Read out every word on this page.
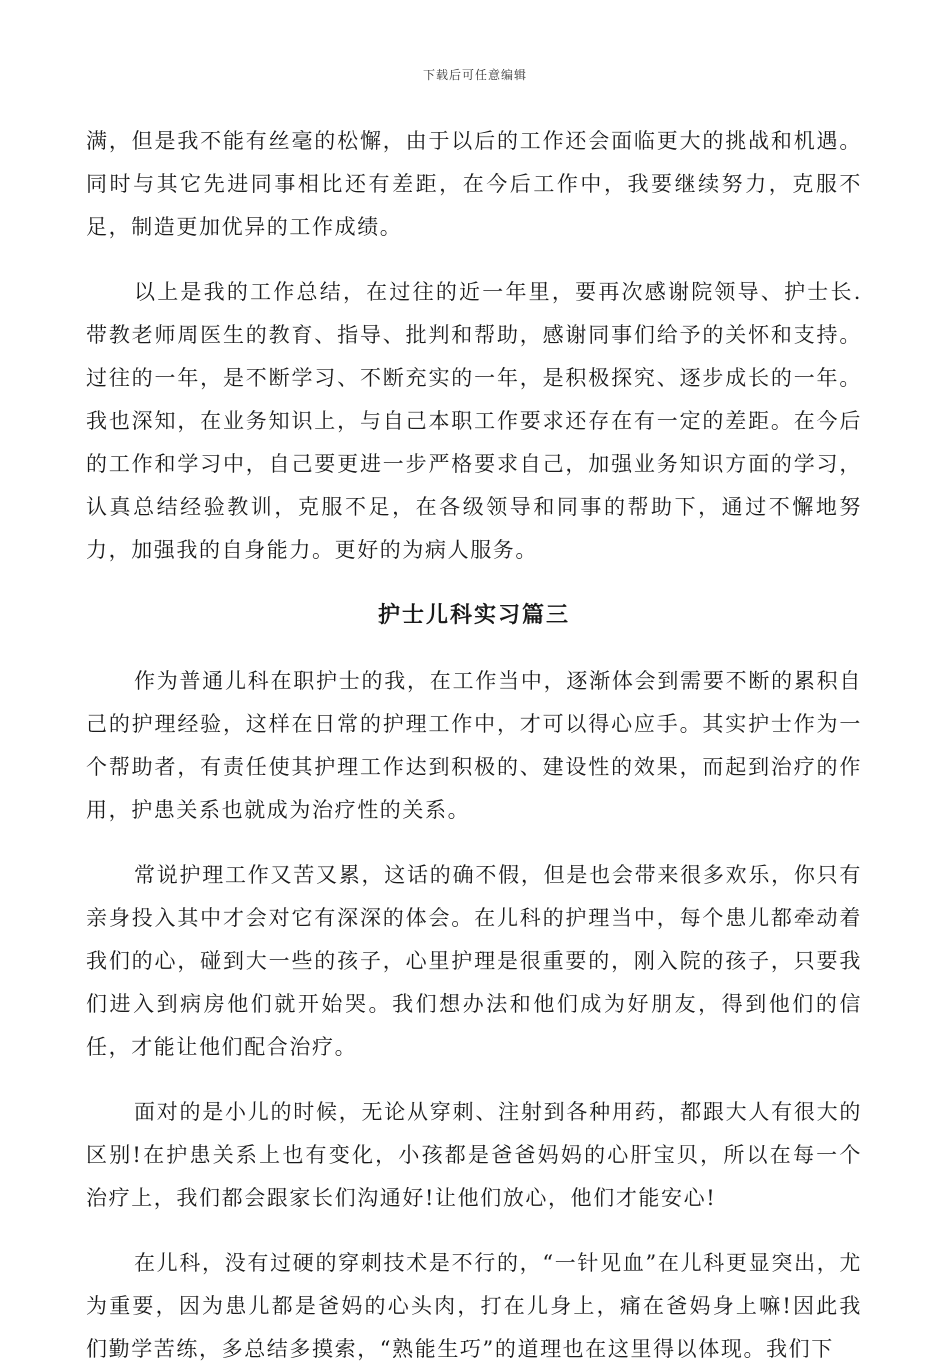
下载后可任意编辑

满，但是我不能有丝毫的松懈，由于以后的工作还会面临更大的挑战和机遇。同时与其它先进同事相比还有差距，在今后工作中，我要继续努力，克服不足，制造更加优异的工作成绩。

以上是我的工作总结，在过往的近一年里，要再次感谢院领导、护士长.带教老师周医生的教育、指导、批判和帮助，感谢同事们给予的关怀和支持。过往的一年，是不断学习、不断充实的一年，是积极探究、逐步成长的一年。我也深知，在业务知识上，与自己本职工作要求还存在有一定的差距。在今后的工作和学习中，自己要更进一步严格要求自己，加强业务知识方面的学习，认真总结经验教训，克服不足，在各级领导和同事的帮助下，通过不懈地努力，加强我的自身能力。更好的为病人服务。

护士儿科实习篇三

作为普通儿科在职护士的我，在工作当中，逐渐体会到需要不断的累积自己的护理经验，这样在日常的护理工作中，才可以得心应手。其实护士作为一个帮助者，有责任使其护理工作达到积极的、建设性的效果，而起到治疗的作用，护患关系也就成为治疗性的关系。

常说护理工作又苦又累，这话的确不假，但是也会带来很多欢乐，你只有亲身投入其中才会对它有深深的体会。在儿科的护理当中，每个患儿都牵动着我们的心，碰到大一些的孩子，心里护理是很重要的，刚入院的孩子，只要我们进入到病房他们就开始哭。我们想办法和他们成为好朋友，得到他们的信任，才能让他们配合治疗。

面对的是小儿的时候，无论从穿刺、注射到各种用药，都跟大人有很大的区别!在护患关系上也有变化，小孩都是爸爸妈妈的心肝宝贝，所以在每一个治疗上，我们都会跟家长们沟通好!让他们放心，他们才能安心!

在儿科，没有过硬的穿刺技术是不行的，“一针见血”在儿科更显突出，尤为重要，因为患儿都是爸妈的心头肉，打在儿身上，痛在爸妈身上嘛!因此我们勤学苦练，多总结多摸索，“熟能生巧”的道理也在这里得以体现。我们下
